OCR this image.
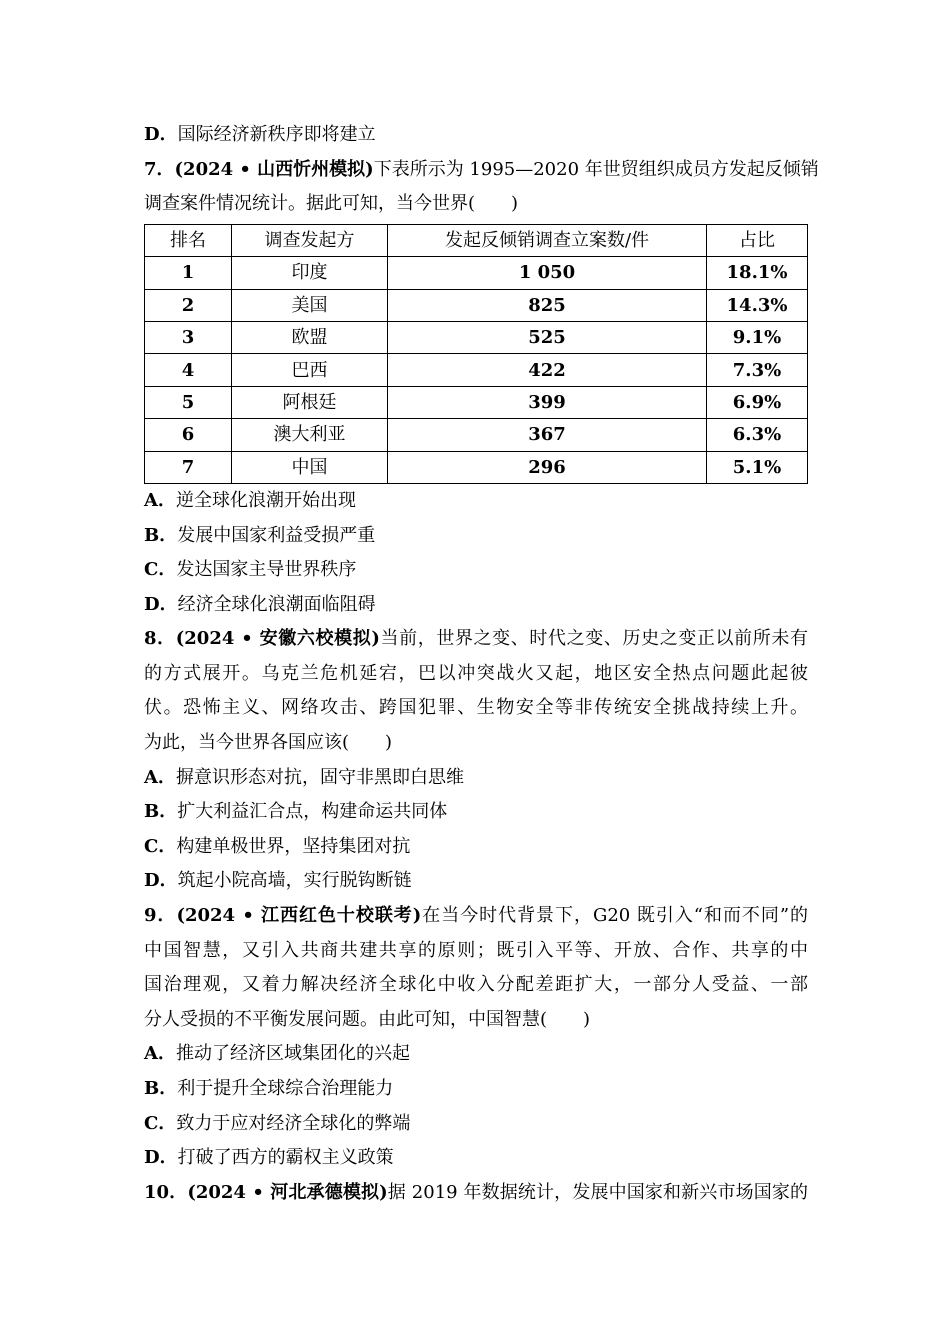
D．国际经济新秩序即将建立
7．(2024 • 山西忻州模拟)下表所示为 1995—2020 年世贸组织成员方发起反倾销
调查案件情况统计。据此可知，当今世界(　　)
排名	调查发起方	发起反倾销调查立案数/件	占比
1	印度	1 050	18.1%
2	美国	825	14.3%
3	欧盟	525	9.1%
4	巴西	422	7.3%
5	阿根廷	399	6.9%
6	澳大利亚	367	6.3%
7	中国	296	5.1%
A．逆全球化浪潮开始出现
B．发展中国家利益受损严重
C．发达国家主导世界秩序
D．经济全球化浪潮面临阻碍
8．(2024 • 安徽六校模拟)当前，世界之变、时代之变、历史之变正以前所未有
的方式展开。乌克兰危机延宕，巴以冲突战火又起，地区安全热点问题此起彼
伏。恐怖主义、网络攻击、跨国犯罪、生物安全等非传统安全挑战持续上升。
为此，当今世界各国应该(　　)
A．摒意识形态对抗，固守非黑即白思维
B．扩大利益汇合点，构建命运共同体
C．构建单极世界，坚持集团对抗
D．筑起小院高墙，实行脱钩断链
9．(2024 • 江西红色十校联考)在当今时代背景下，G20 既引入“和而不同”的
中国智慧，又引入共商共建共享的原则；既引入平等、开放、合作、共享的中
国治理观，又着力解决经济全球化中收入分配差距扩大，一部分人受益、一部
分人受损的不平衡发展问题。由此可知，中国智慧(　　)
A．推动了经济区域集团化的兴起
B．利于提升全球综合治理能力
C．致力于应对经济全球化的弊端
D．打破了西方的霸权主义政策
10．(2024 • 河北承德模拟)据 2019 年数据统计，发展中国家和新兴市场国家的
